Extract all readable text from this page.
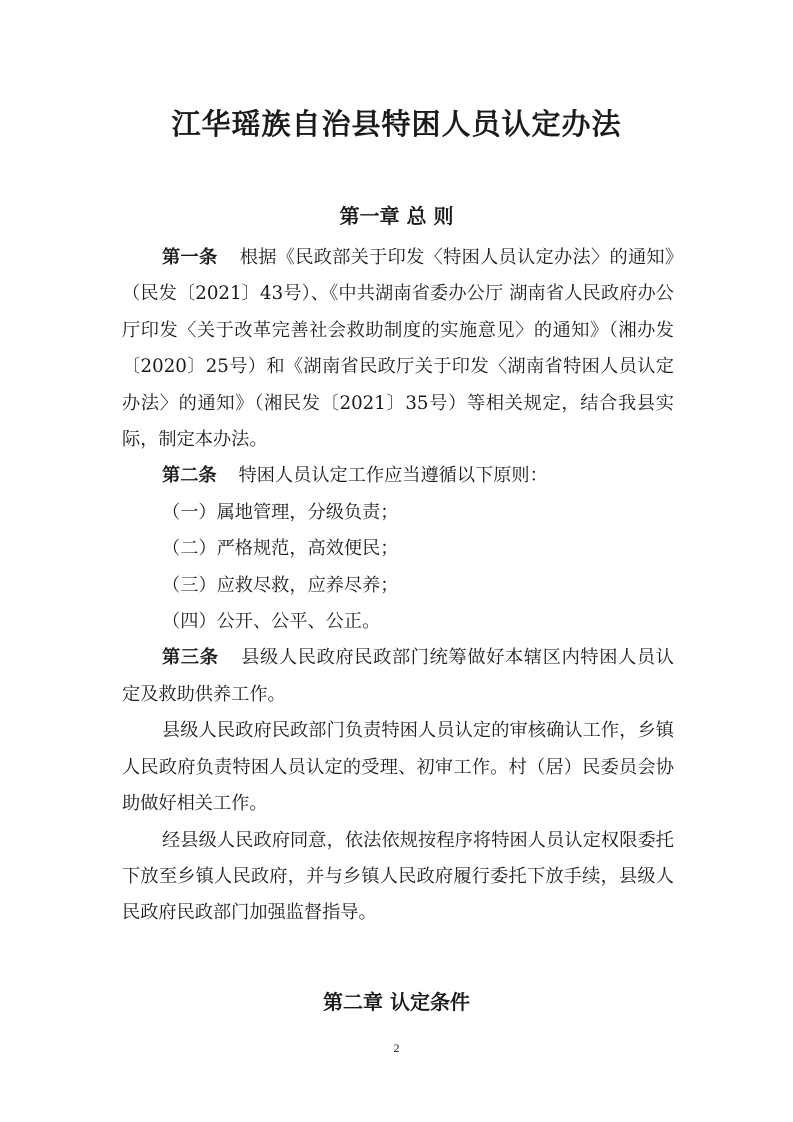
江华瑶族自治县特困人员认定办法
第一章 总 则

第一条 根据《民政部关于印发〈特困人员认定办法〉的通知》（民发〔2021〕43号）、《中共湖南省委办公厅 湖南省人民政府办公厅印发〈关于改革完善社会救助制度的实施意见〉的通知》（湘办发〔2020〕25号）和《湖南省民政厅关于印发〈湖南省特困人员认定办法〉的通知》（湘民发〔2021〕35号）等相关规定，结合我县实际，制定本办法。

第二条 特困人员认定工作应当遵循以下原则：

（一）属地管理，分级负责；

（二）严格规范，高效便民；

（三）应救尽救，应养尽养；

（四）公开、公平、公正。

第三条 县级人民政府民政部门统筹做好本辖区内特困人员认定及救助供养工作。

县级人民政府民政部门负责特困人员认定的审核确认工作，乡镇人民政府负责特困人员认定的受理、初审工作。村（居）民委员会协助做好相关工作。

经县级人民政府同意，依法依规按程序将特困人员认定权限委托下放至乡镇人民政府，并与乡镇人民政府履行委托下放手续，县级人民政府民政部门加强监督指导。

第二章 认定条件
2
